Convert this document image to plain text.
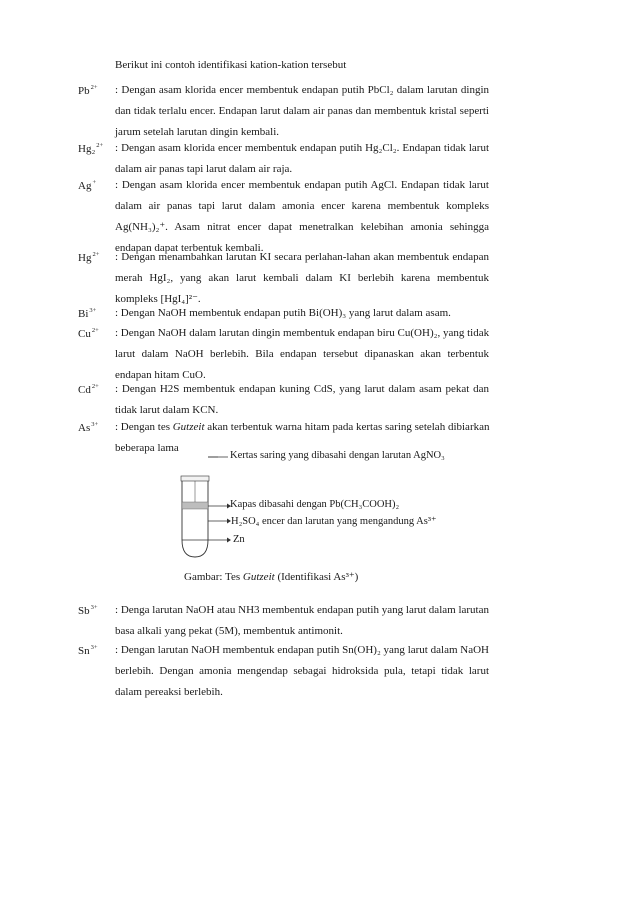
Berikut ini contoh identifikasi kation-kation tersebut
$Pb^{2+}$ : Dengan asam klorida encer membentuk endapan putih PbCl₂ dalam larutan dingin
dan tidak terlalu encer. Endapan larut dalam air panas dan membentuk kristal seperti
jarum setelah larutan dingin kembali.
Hg₂$^{2+}$ : Dengan asam klorida encer membentuk endapan putih Hg₂Cl₂. Endapan tidak larut
dalam air panas tapi larut dalam air raja.
Ag+ : Dengan asam klorida encer membentuk endapan putih AgCl. Endapan tidak larut
dalam air panas tapi larut dalam amonia encer karena membentuk kompleks
Ag(NH₃)₂⁺. Asam nitrat encer dapat menetralkan kelebihan amonia sehingga
endapan dapat terbentuk kembali.
$Hg^{2+}$ : Dengan menambahkan larutan KI secara perlahan-lahan akan membentuk endapan
merah HgI₂, yang akan larut kembali dalam KI berlebih karena membentuk
kompleks [HgI₄]²⁻.
$Bi^{3+}$ : Dengan NaOH membentuk endapan putih Bi(OH)₃ yang larut dalam asam.
$Cu^{2+}$ : Dengan NaOH dalam larutan dingin membentuk endapan biru Cu(OH)₂, yang tidak
larut dalam NaOH berlebih. Bila endapan tersebut dipanaskan akan terbentuk
endapan hitam CuO.
$Cd^{2+}$ : Dengan H2S membentuk endapan kuning CdS, yang larut dalam asam pekat dan
tidak larut dalam KCN.
$As^{3+}$ : Dengan tes Gutzeit akan terbentuk warna hitam pada kertas saring setelah dibiarkan
beberapa lama
$Sb^{3+}$ : Denga larutan NaOH atau NH3 membentuk endapan putih yang larut dalam larutan
basa alkali yang pekat (5M), membentuk antimonit.
$Sn^{3+}$ : Dengan larutan NaOH membentuk endapan putih Sn(OH)₂ yang larut dalam NaOH
berlebih. Dengan amonia mengendap sebagai hidroksida pula, tetapi tidak larut
dalam pereaksi berlebih.
Kertas saring yang dibasahi dengan larutan AgNO₃
Kapas dibasahi dengan Pb(CH₃COOH)₂
H₂SO₄ encer dan larutan yang mengandung As³⁺
Zn
Gambar: Tes Gutzeit (Identifikasi As³⁺)
